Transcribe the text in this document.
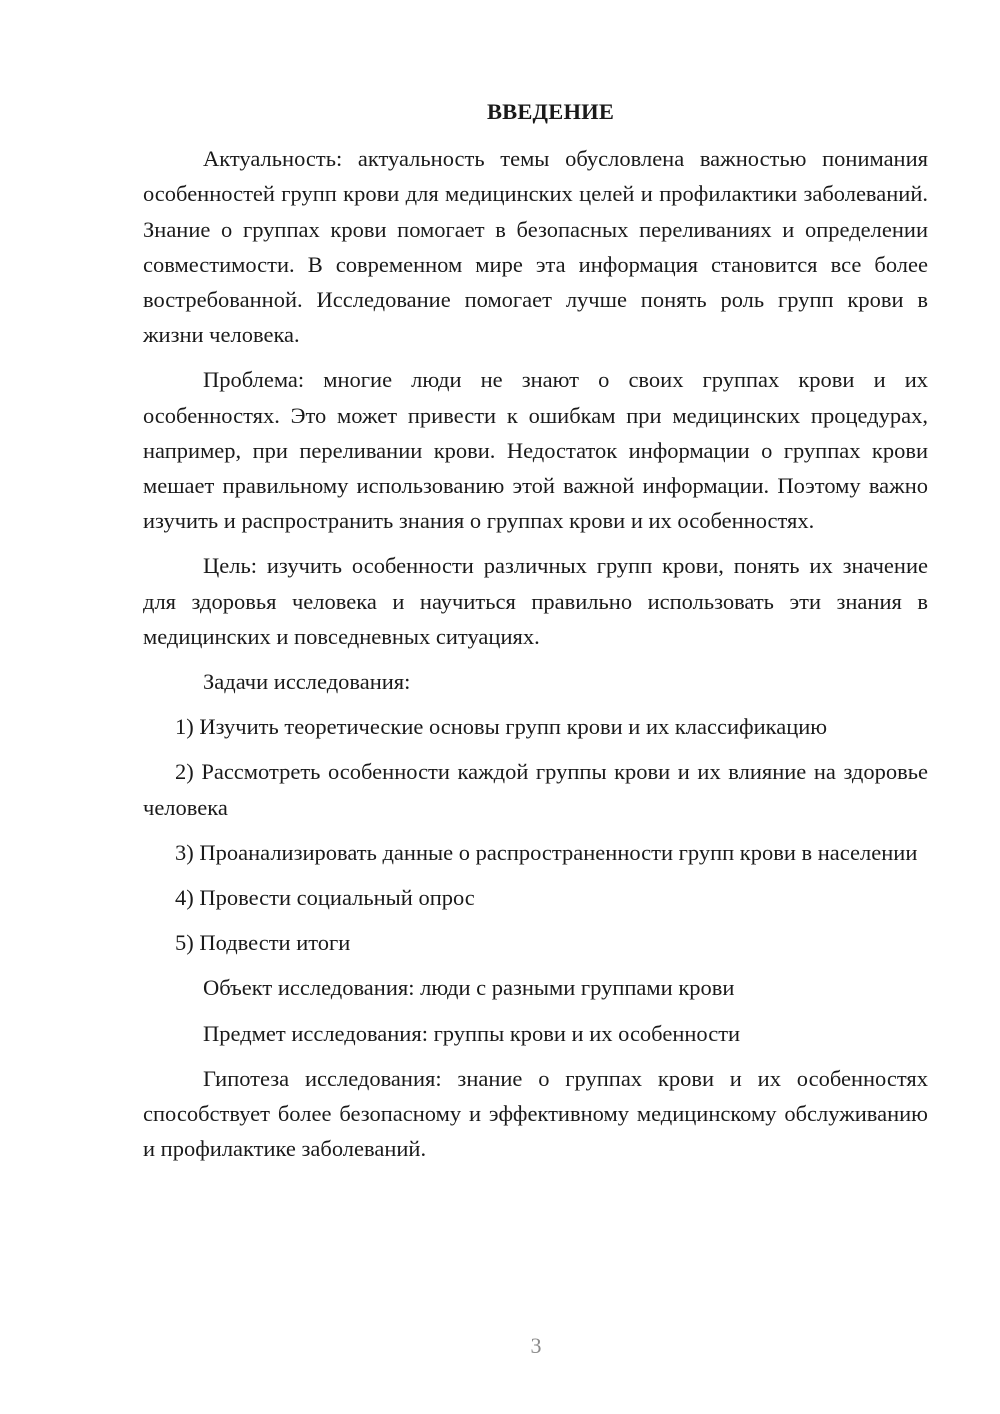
ВВЕДЕНИЕ

Актуальность: актуальность темы обусловлена важностью понимания особенностей групп крови для медицинских целей и профилактики заболеваний. Знание о группах крови помогает в безопасных переливаниях и определении совместимости. В современном мире эта информация становится все более востребованной. Исследование помогает лучше понять роль групп крови в жизни человека.

Проблема: многие люди не знают о своих группах крови и их особенностях. Это может привести к ошибкам при медицинских процедурах, например, при переливании крови. Недостаток информации о группах крови мешает правильному использованию этой важной информации. Поэтому важно изучить и распространить знания о группах крови и их особенностях.

Цель: изучить особенности различных групп крови, понять их значение для здоровья человека и научиться правильно использовать эти знания в медицинских и повседневных ситуациях.

Задачи исследования:

1) Изучить теоретические основы групп крови и их классификацию

2) Рассмотреть особенности каждой группы крови и их влияние на здоровье человека

3) Проанализировать данные о распространенности групп крови в населении

4) Провести социальный опрос

5) Подвести итоги

Объект исследования: люди с разными группами крови

Предмет исследования: группы крови и их особенности

Гипотеза исследования: знание о группах крови и их особенностях способствует более безопасному и эффективному медицинскому обслуживанию и профилактике заболеваний.

3
